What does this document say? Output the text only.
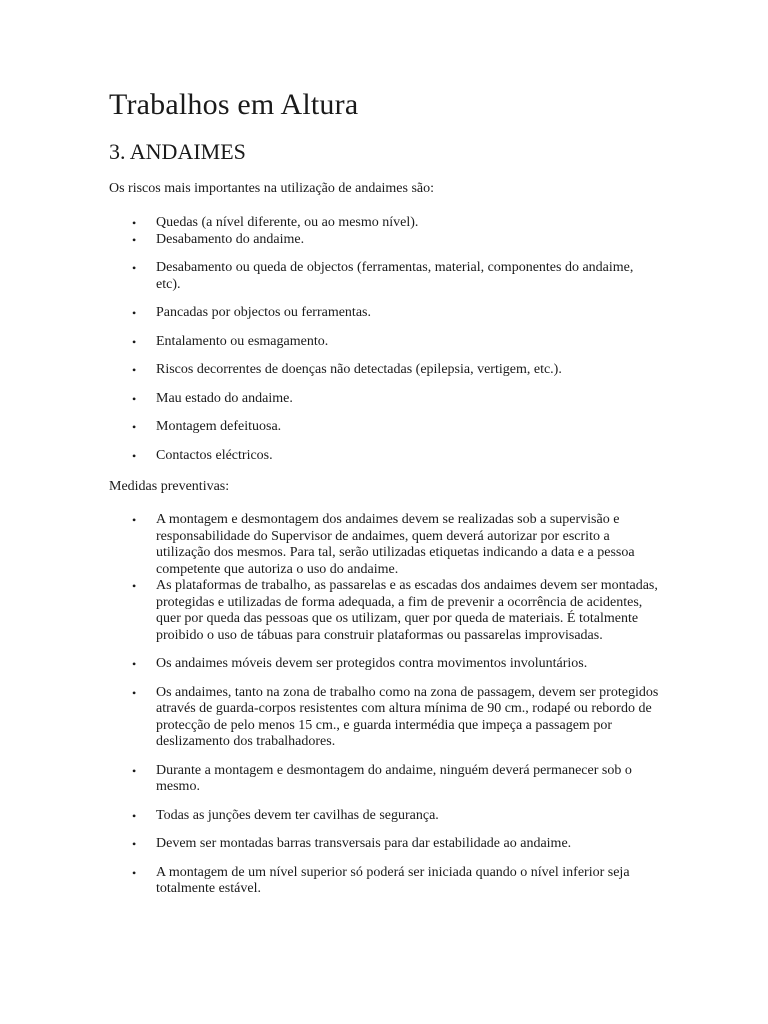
Trabalhos em Altura
3. ANDAIMES

Os riscos mais importantes na utilização de andaimes são:

• Quedas (a nível diferente, ou ao mesmo nível).
• Desabamento do andaime.
• Desabamento ou queda de objectos (ferramentas, material, componentes do andaime, etc).
• Pancadas por objectos ou ferramentas.
• Entalamento ou esmagamento.
• Riscos decorrentes de doenças não detectadas (epilepsia, vertigem, etc.).
• Mau estado do andaime.
• Montagem defeituosa.
• Contactos eléctricos.

Medidas preventivas:

• A montagem e desmontagem dos andaimes devem se realizadas sob a supervisão e responsabilidade do Supervisor de andaimes, quem deverá autorizar por escrito a utilização dos mesmos. Para tal, serão utilizadas etiquetas indicando a data e a pessoa competente que autoriza o uso do andaime.
• As plataformas de trabalho, as passarelas e as escadas dos andaimes devem ser montadas, protegidas e utilizadas de forma adequada, a fim de prevenir a ocorrência de acidentes, quer por queda das pessoas que os utilizam, quer por queda de materiais. É totalmente proibido o uso de tábuas para construir plataformas ou passarelas improvisadas.
• Os andaimes móveis devem ser protegidos contra movimentos involuntários.
• Os andaimes, tanto na zona de trabalho como na zona de passagem, devem ser protegidos através de guarda-corpos resistentes com altura mínima de 90 cm., rodapé ou rebordo de protecção de pelo menos 15 cm., e guarda intermédia que impeça a passagem por deslizamento dos trabalhadores.
• Durante a montagem e desmontagem do andaime, ninguém deverá permanecer sob o mesmo.
• Todas as junções devem ter cavilhas de segurança.
• Devem ser montadas barras transversais para dar estabilidade ao andaime.
• A montagem de um nível superior só poderá ser iniciada quando o nível inferior seja totalmente estável.
